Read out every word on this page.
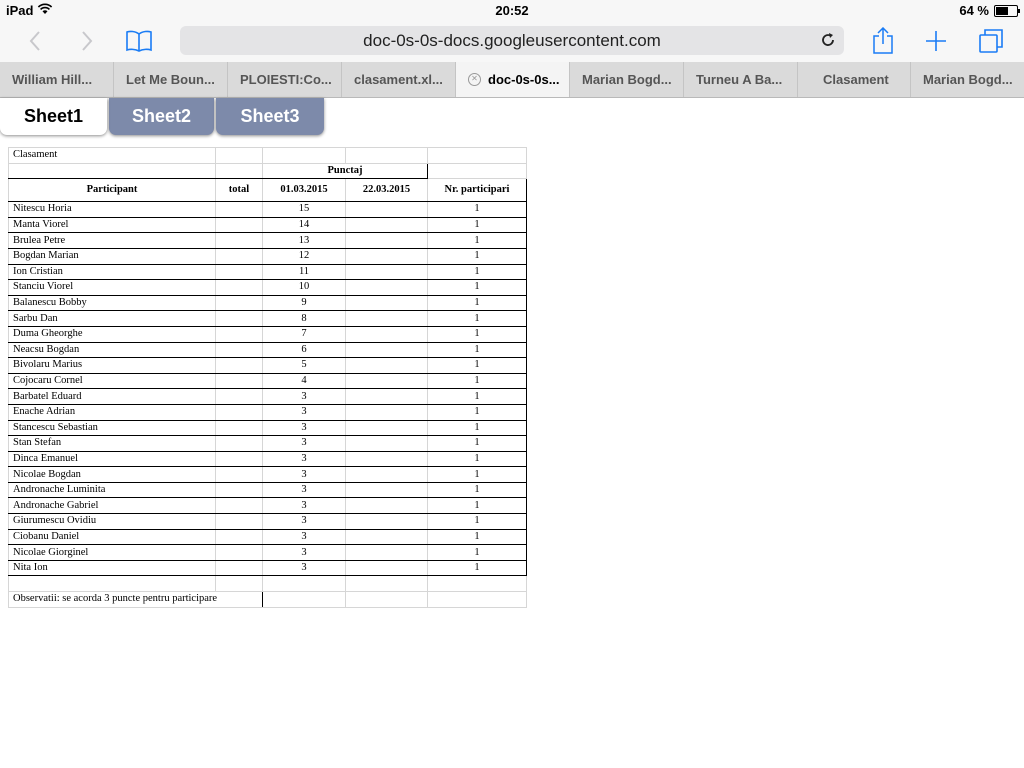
iPad	20:52	64 %
doc-0s-0s-docs.googleusercontent.com
William Hill...	Let Me Boun... PLOIESTI:Co... clasament.xl...	✕ doc-0s-0s... Marian Bogd... Turneu A Ba...	Clasament	Marian Bogd...
Sheet2	Sheet3
Sheet1
Clasament				
		Punctaj		
Participant	total	01.03.2015	22.03.2015	Nr. participari
Nitescu Horia		15		1
Manta Viorel		14		1
Brulea Petre		13		1
Bogdan Marian		12		1
Ion Cristian		11		1
Stanciu Viorel		10		1
Balanescu Bobby		9		1
Sarbu Dan		8		1
Duma Gheorghe		7		1
Neacsu Bogdan		6		1
Bivolaru Marius		5		1
Cojocaru Cornel		4		1
Barbatel Eduard		3		1
Enache Adrian		3		1
Stancescu Sebastian		3		1
Stan Stefan		3		1
Dinca Emanuel		3		1
Nicolae Bogdan		3		1
Andronache Luminita		3		1
Andronache Gabriel		3		1
Giurumescu Ovidiu		3		1
Ciobanu Daniel		3		1
Nicolae Giorginel		3		1
Nita Ion		3		1

Observatii: se acorda 3 puncte pentru participare				
